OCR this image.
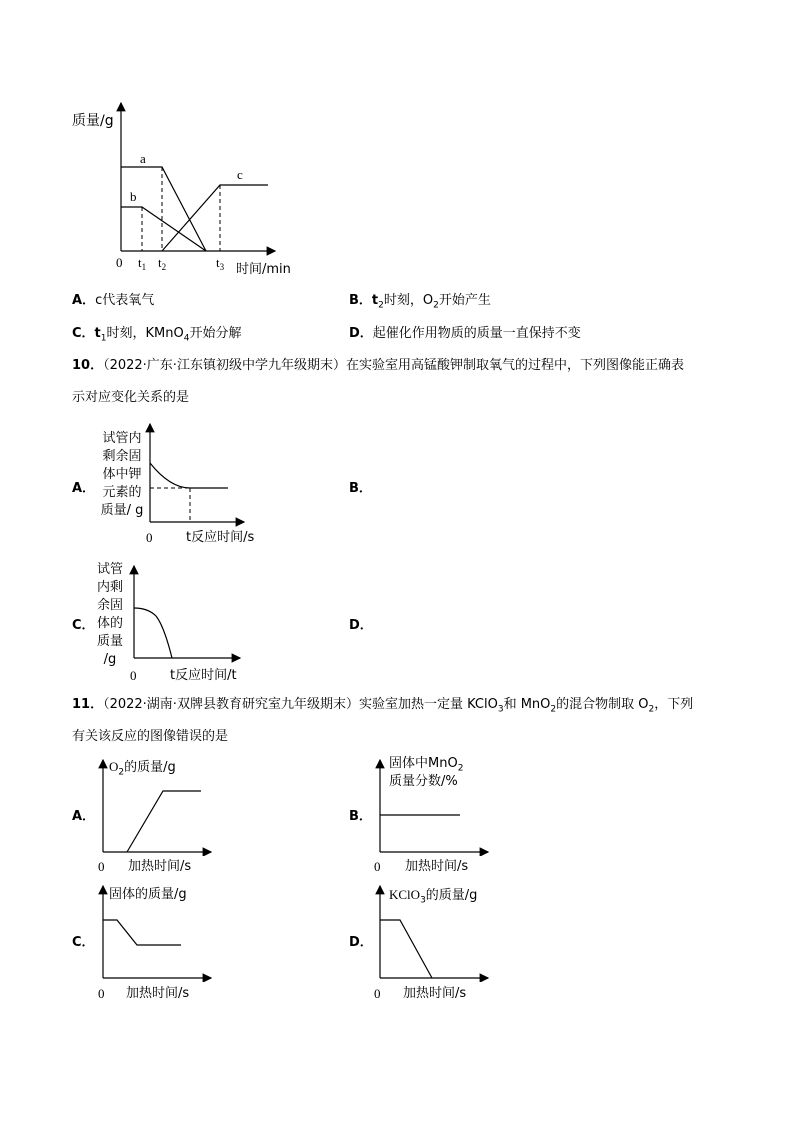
质量/g
a
b
c
0 $t_1$ $t_2$	$t_3$ 时间/min
A．c代表氧气	B．$t_2$时刻，$O_2$开始产生
C．$t_1$时刻，KMnO$_4$开始分解	D．起催化作用物质的质量一直保持不变
10．（2022·广东·江东镇初级中学九年级期末）在实验室用高锰酸钾制取氧气的过程中，下列图像能正确表
示对应变化关系的是
A．
试管内
剩余固
体中钾
元素的
质量/ g
0	t反应时间/s
B．
C．
试管
内剩
余固
体的
质量
/g
0	t反应时间/t
D．
11．（2022·湖南·双牌县教育研究室九年级期末）实验室加热一定量 KClO$_3$和 MnO$_2$的混合物制取 $O_2$，下列
有关该反应的图像错误的是
A．
$O_2$的质量/g
0 加热时间/s
B．
固体中MnO$_2$
质量分数/%
0 加热时间/s
C．
固体的质量/g
0 加热时间/s
D．
KClO$_3$的质量/g
0 加热时间/s
